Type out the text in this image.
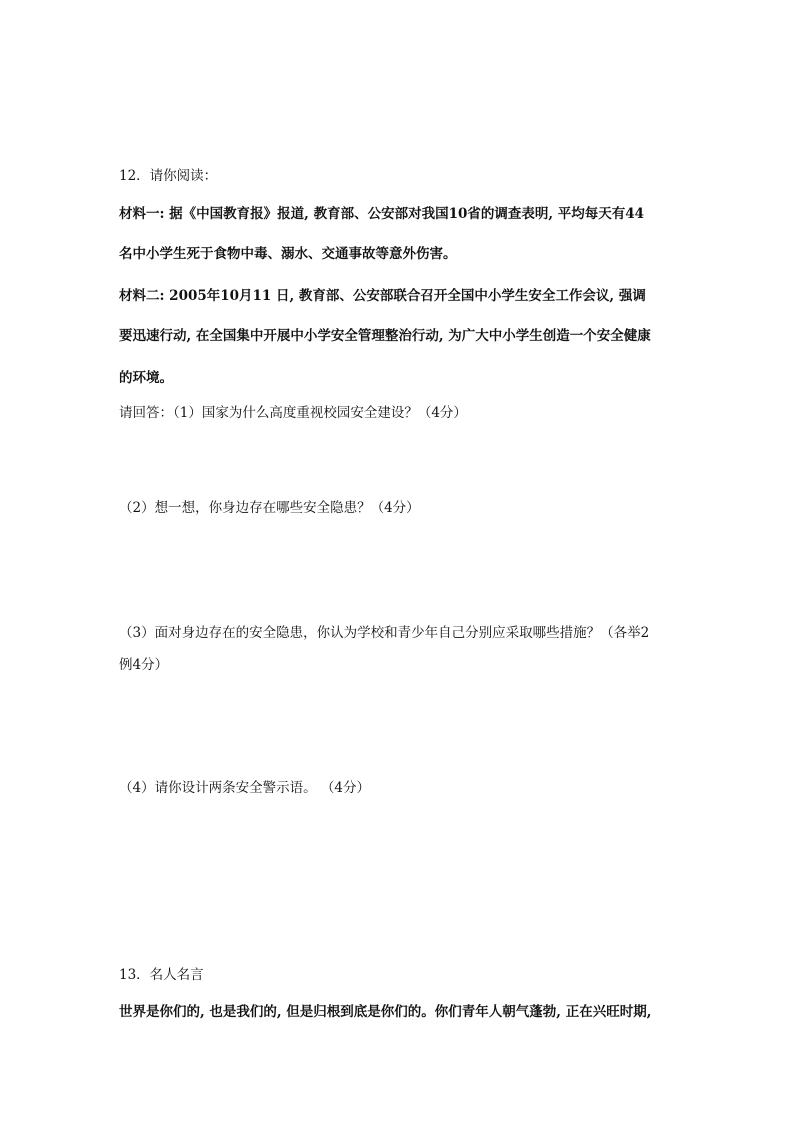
12．请你阅读：
材料一: 据《中国教育报》报道, 教育部、公安部对我国10省的调查表明, 平均每天有44
名中小学生死于食物中毒、溺水、交通事故等意外伤害。
材料二: 2005年10月11 日, 教育部、公安部联合召开全国中小学生安全工作会议, 强调
要迅速行动, 在全国集中开展中小学安全管理整治行动, 为广大中小学生创造一个安全健康
的环境。
请回答：（1）国家为什么高度重视校园安全建设？（4分）
（2）想一想，你身边存在哪些安全隐患？（4分）
（3）面对身边存在的安全隐患，你认为学校和青少年自己分别应采取哪些措施？（各举2
例4分）
（4）请你设计两条安全警示语。 （4分）
13．名人名言
世界是你们的, 也是我们的, 但是归根到底是你们的。你们青年人朝气蓬勃, 正在兴旺时期,
